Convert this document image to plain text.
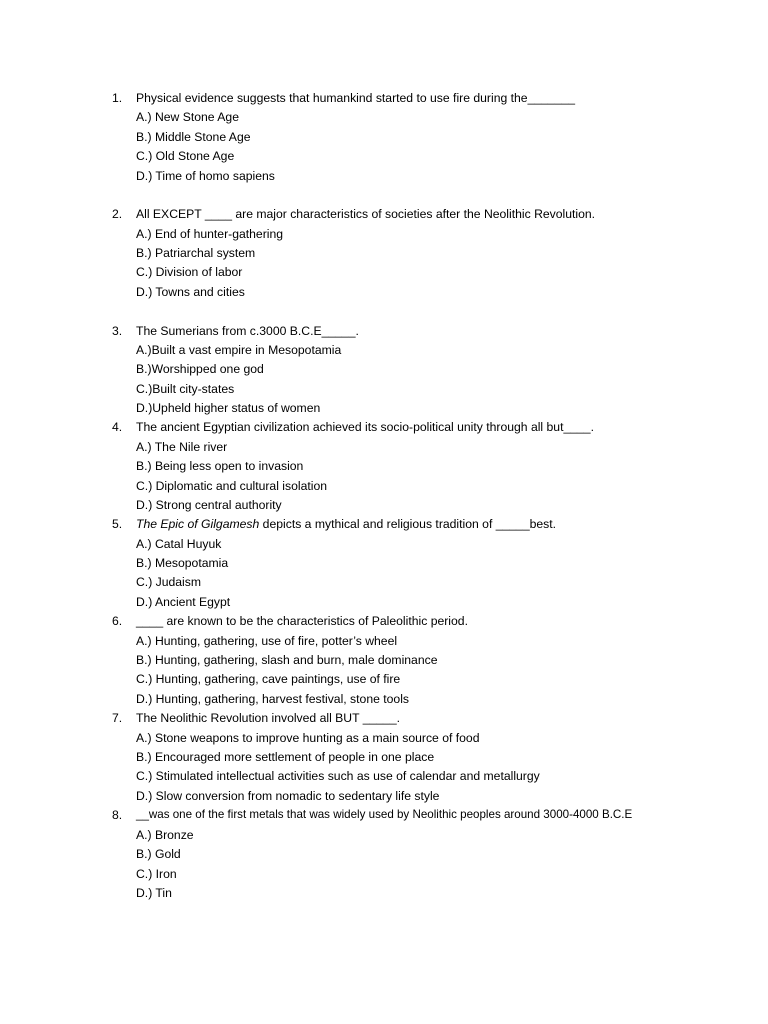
1.	Physical evidence suggests that humankind started to use fire during the_______
A.) New Stone Age
B.) Middle Stone Age
C.) Old Stone Age
D.) Time of homo sapiens
2.	All EXCEPT ____ are major characteristics of societies after the Neolithic Revolution.
A.) End of hunter-gathering
B.) Patriarchal system
C.) Division of labor
D.) Towns and cities
3.	The Sumerians from c.3000 B.C.E_____.
A.)Built a vast empire in Mesopotamia
B.)Worshipped one god
C.)Built city-states
D.)Upheld higher status of women
4.	The ancient Egyptian civilization achieved its socio-political unity through all but____.
A.) The Nile river
B.) Being less open to invasion
C.) Diplomatic and cultural isolation
D.) Strong central authority
5.	The Epic of Gilgamesh depicts a mythical and religious tradition of _____best.
A.) Catal Huyuk
B.) Mesopotamia
C.) Judaism
D.) Ancient Egypt
6.	____ are known to be the characteristics of Paleolithic period.
A.) Hunting, gathering, use of fire, potter’s wheel
B.) Hunting, gathering, slash and burn, male dominance
C.) Hunting, gathering, cave paintings, use of fire
D.) Hunting, gathering, harvest festival, stone tools
7.	The Neolithic Revolution involved all BUT _____.
A.) Stone weapons to improve hunting as a main source of food
B.) Encouraged more settlement of people in one place
C.) Stimulated intellectual activities such as use of calendar and metallurgy
D.) Slow conversion from nomadic to sedentary life style
8.	__was one of the first metals that was widely used by Neolithic peoples around 3000-4000 B.C.E
A.) Bronze
B.) Gold
C.) Iron
D.) Tin
